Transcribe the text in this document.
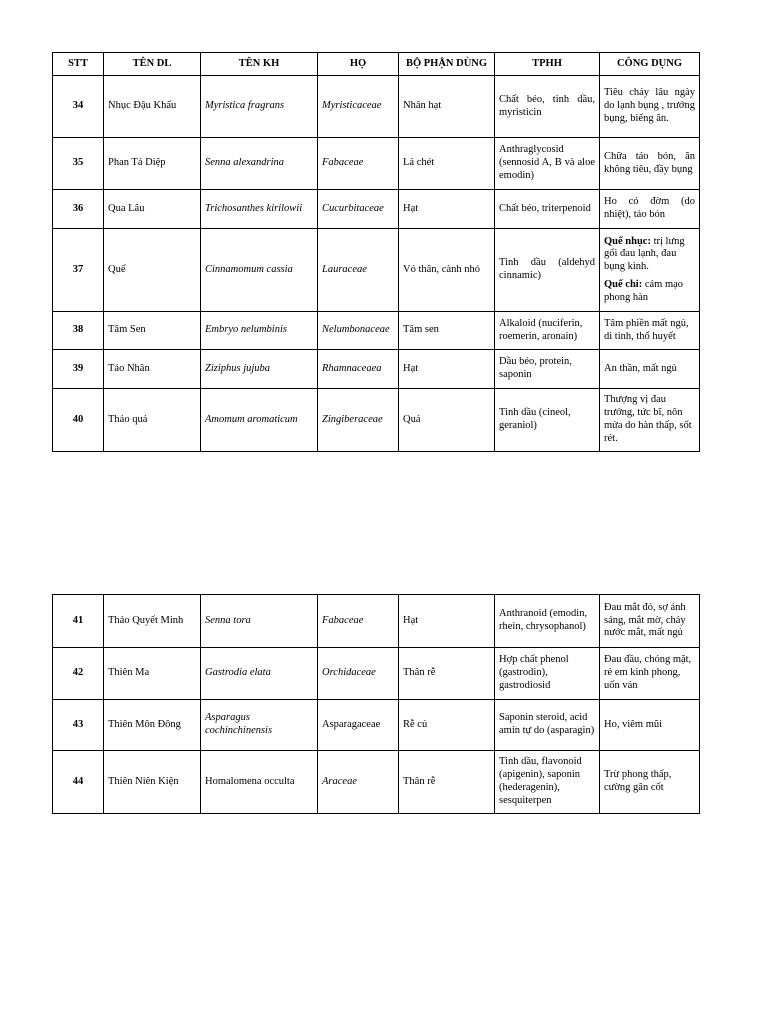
STT	TÊN DL	TÊN KH	HỌ	BỘ PHẬN DÙNG	TPHH	CÔNG DỤNG
34	Nhục Đậu Khấu	Myristica fragrans	Myristicaceae	Nhân hạt	Chất béo, tinh dầu, myristicin	Tiêu chảy lâu ngày do lạnh bụng , trướng bụng, biếng ăn.
35	Phan Tả Diệp	Senna alexandrina	Fabaceae	Lá chét	Anthraglycosid (sennosid A, B và aloe emodin)	Chữa táo bón, ăn không tiêu, đầy bụng
36	Qua Lâu	Trichosanthes kirilowii	Cucurbitaceae	Hạt	Chất béo, triterpenoid	Ho có đờm (do nhiệt), táo bón
37	Quế	Cinnamomum cassia	Lauraceae	Vỏ thân, cành nhỏ	Tinh dầu (aldehyd cinnamic)	Quế nhục: trị lưng gối đau lạnh, đau bụng kinh.
Quế chi: cảm mạo phong hàn

38	Tâm Sen	Embryo nelumbinis	Nelumbonaceae	Tâm sen	Alkaloid (nuciferin, roemerin, aronain)	Tâm phiền mất ngủ, di tinh, thổ huyết
39	Táo Nhân	Ziziphus jujuba	Rhamnaceaea	Hạt	Dầu béo, protein, saponin	An thần, mất ngủ
40	Thảo quả	Amomum aromaticum	Zingiberaceae	Quả	Tinh dầu (cineol, geraniol)	Thượng vị đau trướng, tức bĩ, nôn mửa do hàn thấp, sốt rét.
41	Thảo Quyết Minh	Senna tora	Fabaceae	Hạt	Anthranoid (emodin, rhein, chrysophanol)	Đau mắt đỏ, sợ ánh sáng, mắt mờ, chảy nước mắt, mất ngủ
42	Thiên Ma	Gastrodia elata	Orchidaceae	Thân rễ	Hợp chất phenol (gastrodin), gastrodiosid	Đau đầu, chóng mặt, rẻ em kinh phong, uốn ván
43	Thiên Môn Đông	Asparagus cochinchinensis	Asparagaceae	Rễ củ	Saponin steroid, acid amin tự do (asparagin)	Ho, viêm mũi
44	Thiên Niên Kiện	Homalomena occulta	Araceae	Thân rễ	Tinh dầu, flavonoid (apigenin), saponin (hederagenin), sesquiterpen	Trừ phong thấp, cường gân cốt
